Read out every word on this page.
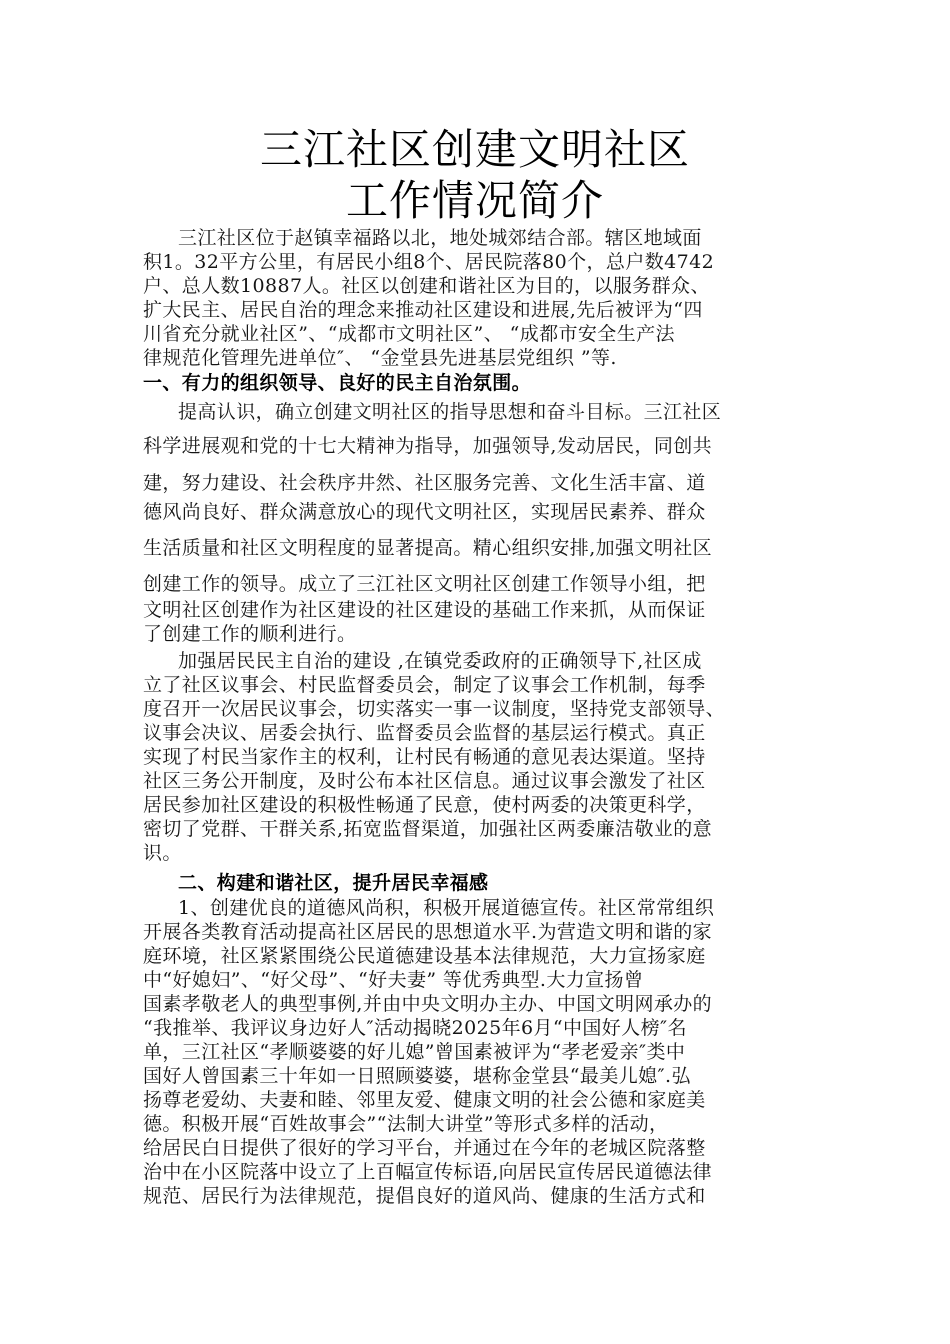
三江社区创建文明社区
工作情况简介
三江社区位于赵镇幸福路以北，地处城郊结合部。辖区地域面
积1。32平方公里，有居民小组8个、居民院落80个，总户数4742
户、总人数10887人。社区以创建和谐社区为目的，以服务群众、
扩大民主、居民自治的理念来推动社区建设和进展,先后被评为“四
川省充分就业社区”、“成都市文明社区”、 “成都市安全生产法
律规范化管理先进单位″、 “金堂县先进基层党组织 ”等.
一、有力的组织领导、良好的民主自治氛围。
提高认识，确立创建文明社区的指导思想和奋斗目标。三江社区
科学进展观和党的十七大精神为指导，加强领导,发动居民，同创共
建，努力建设、社会秩序井然、社区服务完善、文化生活丰富、道
德风尚良好、群众满意放心的现代文明社区，实现居民素养、群众
生活质量和社区文明程度的显著提高。精心组织安排,加强文明社区
创建工作的领导。成立了三江社区文明社区创建工作领导小组，把
文明社区创建作为社区建设的社区建设的基础工作来抓，从而保证
了创建工作的顺利进行。
加强居民民主自治的建设 ,在镇党委政府的正确领导下,社区成
立了社区议事会、村民监督委员会，制定了议事会工作机制，每季
度召开一次居民议事会，切实落实一事一议制度，坚持党支部领导、
议事会决议、居委会执行、监督委员会监督的基层运行模式。真正
实现了村民当家作主的权利，让村民有畅通的意见表达渠道。坚持
社区三务公开制度，及时公布本社区信息。通过议事会激发了社区
居民参加社区建设的积极性畅通了民意，使村两委的决策更科学，
密切了党群、干群关系,拓宽监督渠道，加强社区两委廉洁敬业的意
识。
二、构建和谐社区，提升居民幸福感
1、创建优良的道德风尚积，积极开展道德宣传。社区常常组织
开展各类教育活动提高社区居民的思想道水平.为营造文明和谐的家
庭环境，社区紧紧围绕公民道德建设基本法律规范，大力宣扬家庭
中“好媳妇”、“好父母”、“好夫妻” 等优秀典型.大力宣扬曾
国素孝敬老人的典型事例,并由中央文明办主办、中国文明网承办的
“我推举、我评议身边好人″活动揭晓2025年6月“中国好人榜″名
单，三江社区“孝顺婆婆的好儿媳”曾国素被评为“孝老爱亲″类中
国好人曾国素三十年如一日照顾婆婆，堪称金堂县“最美儿媳″.弘
扬尊老爱幼、夫妻和睦、邻里友爱、健康文明的社会公德和家庭美
德。积极开展“百姓故事会”“法制大讲堂”等形式多样的活动，
给居民白日提供了很好的学习平台，并通过在今年的老城区院落整
治中在小区院落中设立了上百幅宣传标语,向居民宣传居民道德法律
规范、居民行为法律规范，提倡良好的道风尚、健康的生活方式和
